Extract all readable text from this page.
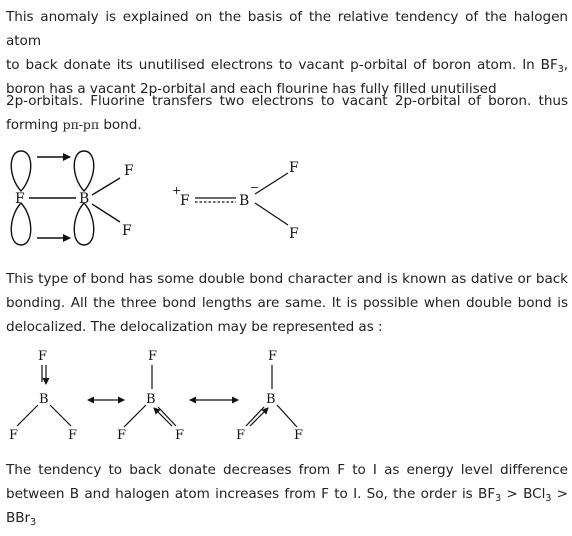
This anomaly is explained on the basis of the relative tendency of the halogen atom
to back donate its unutilised electrons to vacant p-orbital of boron atom. In $BF_3$,
boron has a vacant 2p-orbital and each flourine has fully filled unutilised

2p-orbitals. Fluorine transfers two electrons to vacant 2p-orbital of boron. thus
forming pπ-pπ bond.

F	B
F
F
+
F
−
B
F
F

This type of bond has some double bond character and is known as dative or back bonding. All the three bond lengths are same. It is possible when double bond is delocalized. The delocalization may be represented as :

F
B
F	F
F
B
F	F
F
B
F	F

The tendency to back donate decreases from F to I as energy level difference
between B and halogen atom increases from F to I. So, the order is $BF_3 > BCl_3$ >
BBr$_3$
